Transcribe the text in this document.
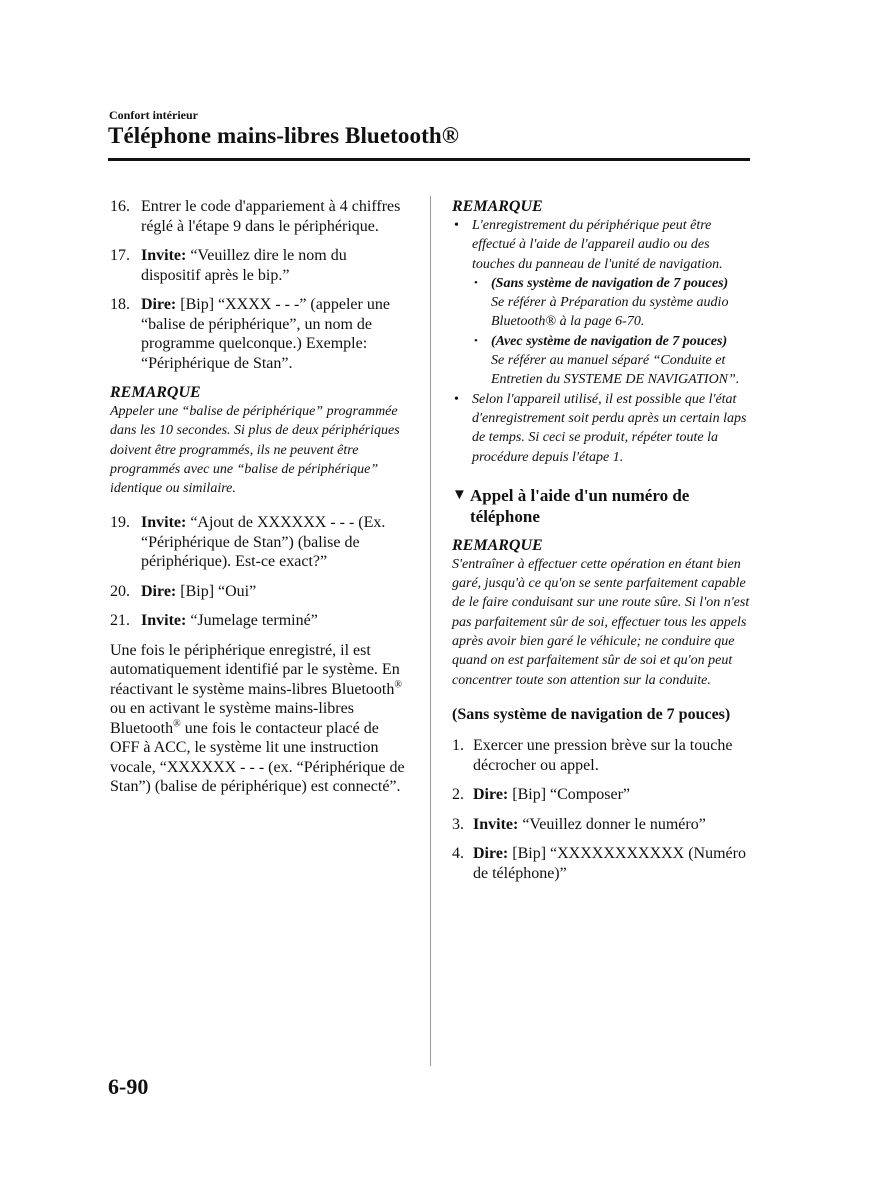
Confort intérieur
Téléphone mains-libres Bluetooth®
16. Entrer le code d'appariement à 4 chiffres réglé à l'étape 9 dans le périphérique.
17. Invite: “Veuillez dire le nom du dispositif après le bip.”
18. Dire: [Bip] “XXXX - - -” (appeler une “balise de périphérique”, un nom de programme quelconque.) Exemple: “Périphérique de Stan”.
REMARQUE
Appeler une “balise de périphérique” programmée dans les 10 secondes. Si plus de deux périphériques doivent être programmés, ils ne peuvent être programmés avec une “balise de périphérique” identique ou similaire.
19. Invite: “Ajout de XXXXXX - - - (Ex. “Périphérique de Stan”) (balise de périphérique). Est-ce exact?”
20. Dire: [Bip] “Oui”
21. Invite: “Jumelage terminé”

Une fois le périphérique enregistré, il est automatiquement identifié par le système. En réactivant le système mains-libres Bluetooth® ou en activant le système mains-libres Bluetooth® une fois le contacteur placé de OFF à ACC, le système lit une instruction vocale, “XXXXXX - - - (ex. “Périphérique de Stan”) (balise de périphérique) est connecté”.

REMARQUE
• L'enregistrement du périphérique peut être effectué à l'aide de l'appareil audio ou des touches du panneau de l'unité de navigation.
• (Sans système de navigation de 7 pouces)
Se référer à Préparation du système audio Bluetooth® à la page 6-70.
• (Avec système de navigation de 7 pouces)
Se référer au manuel séparé “Conduite et Entretien du SYSTEME DE NAVIGATION”.
• Selon l'appareil utilisé, il est possible que l'état d'enregistrement soit perdu après un certain laps de temps. Si ceci se produit, répéter toute la procédure depuis l'étape 1.
▼ Appel à l'aide d'un numéro de téléphone
REMARQUE
S'entraîner à effectuer cette opération en étant bien garé, jusqu'à ce qu'on se sente parfaitement capable de le faire conduisant sur une route sûre. Si l'on n'est pas parfaitement sûr de soi, effectuer tous les appels après avoir bien garé le véhicule; ne conduire que quand on est parfaitement sûr de soi et qu'on peut concentrer toute son attention sur la conduite.

(Sans système de navigation de 7 pouces)

1. Exercer une pression brève sur la touche décrocher ou appel.
2. Dire: [Bip] “Composer”
3. Invite: “Veuillez donner le numéro”
4. Dire: [Bip] “XXXXXXXXXXX (Numéro de téléphone)”
6-90
